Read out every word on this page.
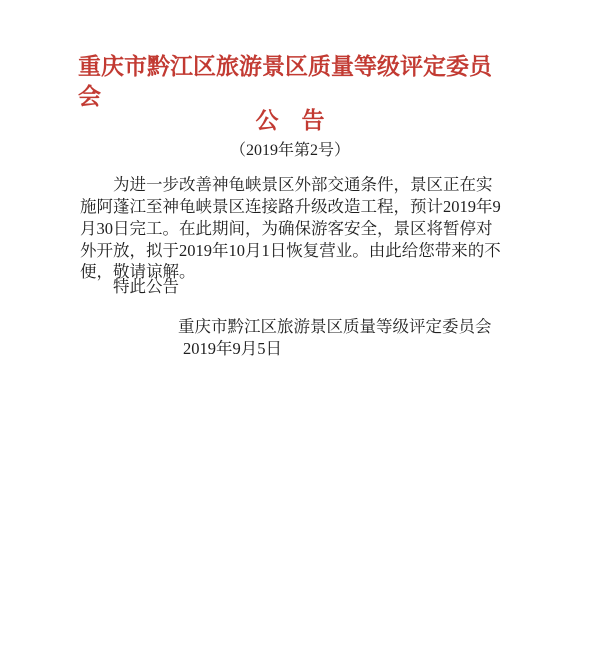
重庆市黔江区旅游景区质量等级评定委员
会
公　告
（2019年第2号）
为进一步改善神龟峡景区外部交通条件，景区正在实
施阿蓬江至神龟峡景区连接路升级改造工程，预计2019年9
月30日完工。在此期间，为确保游客安全，景区将暂停对
外开放，拟于2019年10月1日恢复营业。由此给您带来的不
便，敬请谅解。
特此公告
重庆市黔江区旅游景区质量等级评定委员会
2019年9月5日
